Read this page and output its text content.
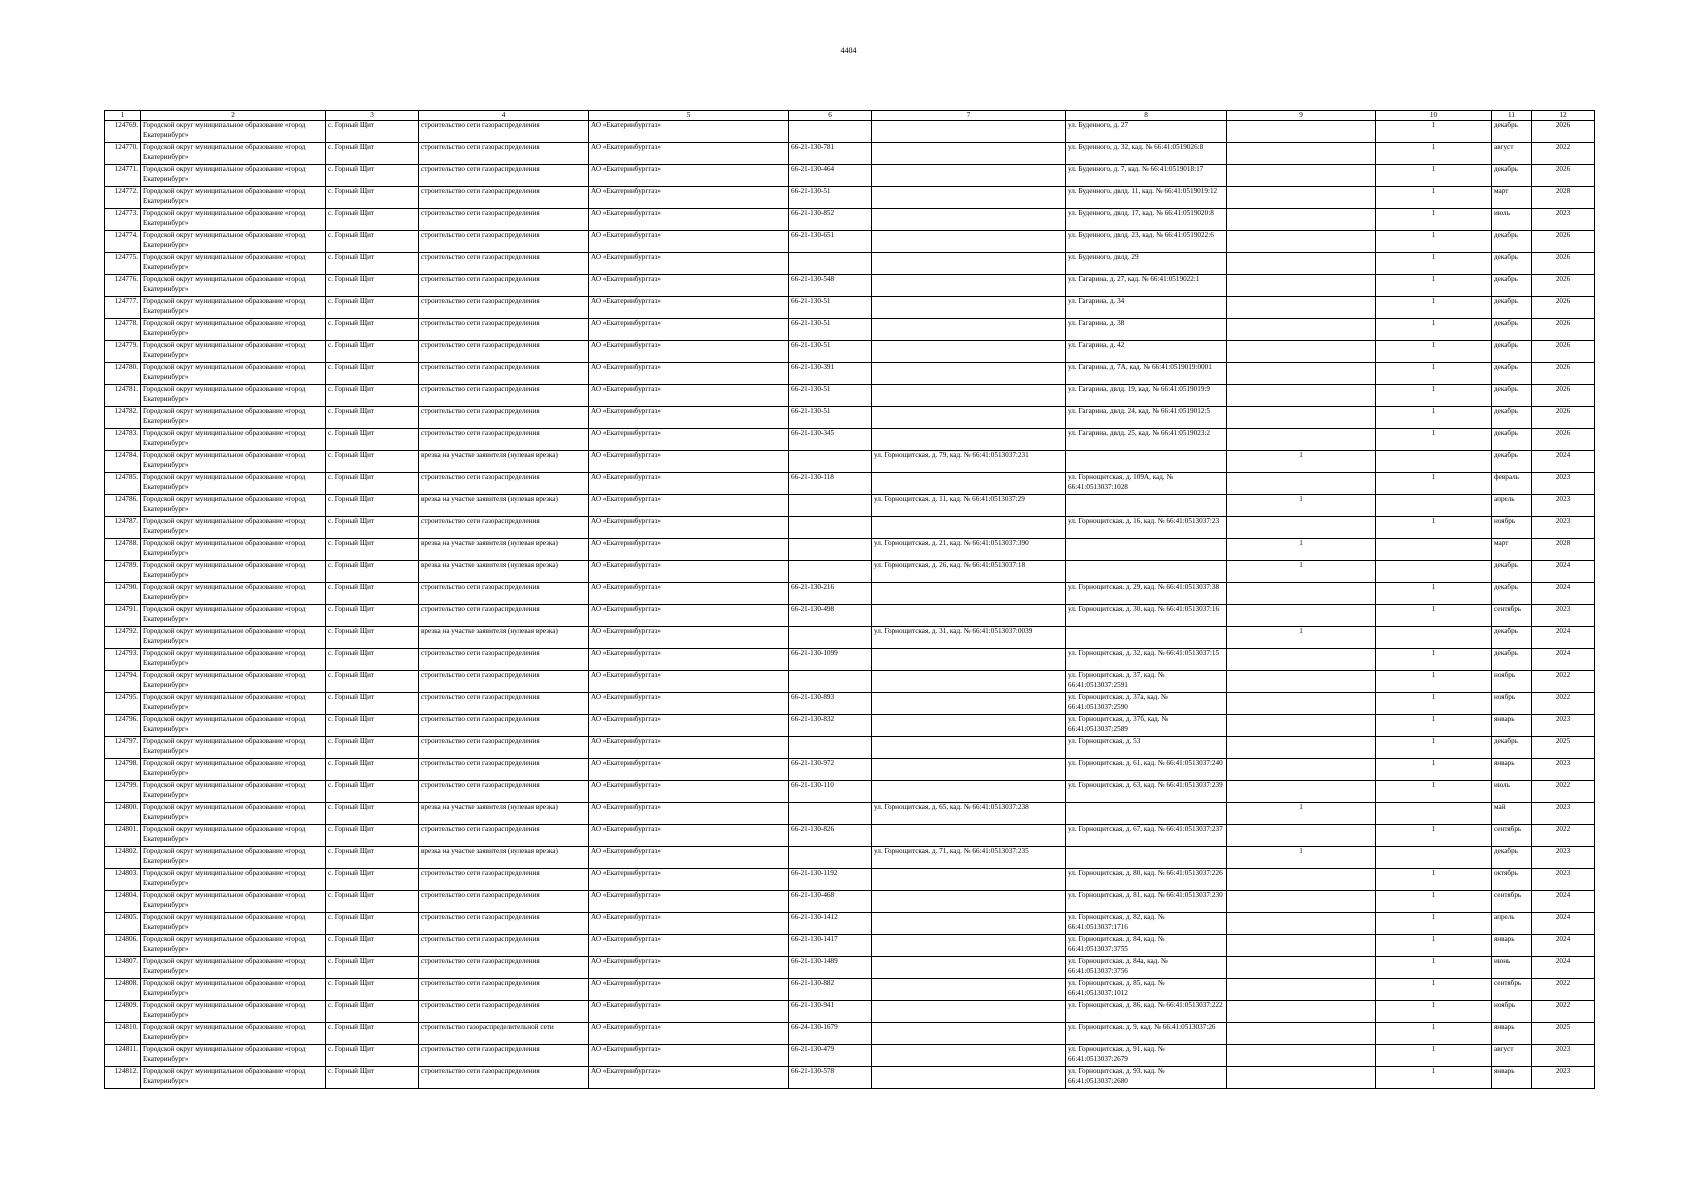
4404
1	2	3	4	5	6	7	8	9	10	11	12
124769.	Городской округ муниципальное образование «город Екатеринбург»	с. Горный Щит	строительство сети газораспределения	АО «Екатеринбурггаз»			ул. Буденного, д. 27		1	декабрь	2026
124770.	Городской округ муниципальное образование «город Екатеринбург»	с. Горный Щит	строительство сети газораспределения	АО «Екатеринбурггаз»	66-21-130-781		ул. Буденного, д. 32, кад. № 66:41:0519026:8		1	август	2022
124771.	Городской округ муниципальное образование «город Екатеринбург»	с. Горный Щит	строительство сети газораспределения	АО «Екатеринбурггаз»	66-21-130-464		ул. Буденного, д. 7, кад. № 66:41:0519018:17		1	декабрь	2026
124772.	Городской округ муниципальное образование «город Екатеринбург»	с. Горный Щит	строительство сети газораспределения	АО «Екатеринбурггаз»	66-21-130-51		ул. Буденного, двлд. 11, кад. № 66:41:0519019:12		1	март	2028
124773.	Городской округ муниципальное образование «город Екатеринбург»	с. Горный Щит	строительство сети газораспределения	АО «Екатеринбурггаз»	66-21-130-852		ул. Буденного, двлд. 17, кад. № 66:41:0519020:8		1	июль	2023
124774.	Городской округ муниципальное образование «город Екатеринбург»	с. Горный Щит	строительство сети газораспределения	АО «Екатеринбурггаз»	66-21-130-651		ул. Буденного, двлд. 23, кад. № 66:41:0519022:6		1	декабрь	2026
124775.	Городской округ муниципальное образование «город Екатеринбург»	с. Горный Щит	строительство сети газораспределения	АО «Екатеринбурггаз»			ул. Буденного, двлд. 29		1	декабрь	2026
124776.	Городской округ муниципальное образование «город Екатеринбург»	с. Горный Щит	строительство сети газораспределения	АО «Екатеринбурггаз»	66-21-130-548		ул. Гагарина, д. 27, кад. № 66:41:0519022:1		1	декабрь	2026
124777.	Городской округ муниципальное образование «город Екатеринбург»	с. Горный Щит	строительство сети газораспределения	АО «Екатеринбурггаз»	66-21-130-51		ул. Гагарина, д. 34		1	декабрь	2026
124778.	Городской округ муниципальное образование «город Екатеринбург»	с. Горный Щит	строительство сети газораспределения	АО «Екатеринбурггаз»	66-21-130-51		ул. Гагарина, д. 38		1	декабрь	2026
124779.	Городской округ муниципальное образование «город Екатеринбург»	с. Горный Щит	строительство сети газораспределения	АО «Екатеринбурггаз»	66-21-130-51		ул. Гагарина, д. 42		1	декабрь	2026
124780.	Городской округ муниципальное образование «город Екатеринбург»	с. Горный Щит	строительство сети газораспределения	АО «Екатеринбурггаз»	66-21-130-391		ул. Гагарина, д. 7А, кад. № 66:41:0519019:0001		1	декабрь	2026
124781.	Городской округ муниципальное образование «город Екатеринбург»	с. Горный Щит	строительство сети газораспределения	АО «Екатеринбурггаз»	66-21-130-51		ул. Гагарина, двлд. 19, кад. № 66:41:0519019:9		1	декабрь	2026
124782.	Городской округ муниципальное образование «город Екатеринбург»	с. Горный Щит	строительство сети газораспределения	АО «Екатеринбурггаз»	66-21-130-51		ул. Гагарина, двлд. 24, кад. № 66:41:0519012:5		1	декабрь	2026
124783.	Городской округ муниципальное образование «город Екатеринбург»	с. Горный Щит	строительство сети газораспределения	АО «Екатеринбурггаз»	66-21-130-345		ул. Гагарина, двлд. 25, кад. № 66:41:0519023:2		1	декабрь	2026
124784.	Городской округ муниципальное образование «город Екатеринбург»	с. Горный Щит	врезка на участке заявителя (нулевая врезка)	АО «Екатеринбурггаз»		ул. Горнощитская, д. 79, кад. № 66:41:0513037:231		1		декабрь	2024
124785.	Городской округ муниципальное образование «город Екатеринбург»	с. Горный Щит	строительство сети газораспределения	АО «Екатеринбурггаз»	66-21-130-118		ул. Горнощитская, д. 109А, кад. № 66:41:0513037:1028		1	февраль	2023
124786.	Городской округ муниципальное образование «город Екатеринбург»	с. Горный Щит	врезка на участке заявителя (нулевая врезка)	АО «Екатеринбурггаз»		ул. Горнощитская, д. 11, кад. № 66:41:0513037:29		1		апрель	2023
124787.	Городской округ муниципальное образование «город Екатеринбург»	с. Горный Щит	строительство сети газораспределения	АО «Екатеринбурггаз»			ул. Горнощитская, д. 16, кад. № 66:41:0513037:23		1	ноябрь	2023
124788.	Городской округ муниципальное образование «город Екатеринбург»	с. Горный Щит	врезка на участке заявителя (нулевая врезка)	АО «Екатеринбурггаз»		ул. Горнощитская, д. 21, кад. № 66:41:0513037:390		1		март	2028
124789.	Городской округ муниципальное образование «город Екатеринбург»	с. Горный Щит	врезка на участке заявителя (нулевая врезка)	АО «Екатеринбурггаз»		ул. Горнощитская, д. 26, кад. № 66:41:0513037:18		1		декабрь	2024
124790.	Городской округ муниципальное образование «город Екатеринбург»	с. Горный Щит	строительство сети газораспределения	АО «Екатеринбурггаз»	66-21-130-216		ул. Горнощитская, д. 29, кад. № 66:41:0513037:38		1	декабрь	2024
124791.	Городской округ муниципальное образование «город Екатеринбург»	с. Горный Щит	строительство сети газораспределения	АО «Екатеринбурггаз»	66-21-130-498		ул. Горнощитская, д. 30, кад. № 66:41:0513037:16		1	сентябрь	2023
124792.	Городской округ муниципальное образование «город Екатеринбург»	с. Горный Щит	врезка на участке заявителя (нулевая врезка)	АО «Екатеринбурггаз»		ул. Горнощитская, д. 31, кад. № 66:41:0513037:0039		1		декабрь	2024
124793.	Городской округ муниципальное образование «город Екатеринбург»	с. Горный Щит	строительство сети газораспределения	АО «Екатеринбурггаз»	66-21-130-1099		ул. Горнощитская, д. 32, кад. № 66:41:0513037:15		1	декабрь	2024
124794.	Городской округ муниципальное образование «город Екатеринбург»	с. Горный Щит	строительство сети газораспределения	АО «Екатеринбурггаз»			ул. Горнощитская, д. 37, кад. № 66:41:0513037:2591		1	ноябрь	2022
124795.	Городской округ муниципальное образование «город Екатеринбург»	с. Горный Щит	строительство сети газораспределения	АО «Екатеринбурггаз»	66-21-130-893		ул. Горнощитская, д. 37а, кад. № 66:41:0513037:2590		1	ноябрь	2022
124796.	Городской округ муниципальное образование «город Екатеринбург»	с. Горный Щит	строительство сети газораспределения	АО «Екатеринбурггаз»	66-21-130-832		ул. Горнощитская, д. 37б, кад. № 66:41:0513037:2589		1	январь	2023
124797.	Городской округ муниципальное образование «город Екатеринбург»	с. Горный Щит	строительство сети газораспределения	АО «Екатеринбурггаз»			ул. Горнощитская, д. 53		1	декабрь	2025
124798.	Городской округ муниципальное образование «город Екатеринбург»	с. Горный Щит	строительство сети газораспределения	АО «Екатеринбурггаз»	66-21-130-972		ул. Горнощитская, д. 61, кад. № 66:41:0513037:240		1	январь	2023
124799.	Городской округ муниципальное образование «город Екатеринбург»	с. Горный Щит	строительство сети газораспределения	АО «Екатеринбурггаз»	66-21-130-110		ул. Горнощитская, д. 63, кад. № 66:41:0513037:239		1	июль	2022
124800.	Городской округ муниципальное образование «город Екатеринбург»	с. Горный Щит	врезка на участке заявителя (нулевая врезка)	АО «Екатеринбурггаз»		ул. Горнощитская, д. 65, кад. № 66:41:0513037:238		1		май	2023
124801.	Городской округ муниципальное образование «город Екатеринбург»	с. Горный Щит	строительство сети газораспределения	АО «Екатеринбурггаз»	66-21-130-826		ул. Горнощитская, д. 67, кад. № 66:41:0513037:237		1	сентябрь	2022
124802.	Городской округ муниципальное образование «город Екатеринбург»	с. Горный Щит	врезка на участке заявителя (нулевая врезка)	АО «Екатеринбурггаз»		ул. Горнощитская, д. 71, кад. № 66:41:0513037:235		1		декабрь	2023
124803.	Городской округ муниципальное образование «город Екатеринбург»	с. Горный Щит	строительство сети газораспределения	АО «Екатеринбурггаз»	66-21-130-1192		ул. Горнощитская, д. 80, кад. № 66:41:0513037:226		1	октябрь	2023
124804.	Городской округ муниципальное образование «город Екатеринбург»	с. Горный Щит	строительство сети газораспределения	АО «Екатеринбурггаз»	66-21-130-468		ул. Горнощитская, д. 81, кад. № 66:41:0513037:230		1	сентябрь	2024
124805.	Городской округ муниципальное образование «город Екатеринбург»	с. Горный Щит	строительство сети газораспределения	АО «Екатеринбурггаз»	66-21-130-1412		ул. Горнощитская, д. 82, кад. № 66:41:0513037:1716		1	апрель	2024
124806.	Городской округ муниципальное образование «город Екатеринбург»	с. Горный Щит	строительство сети газораспределения	АО «Екатеринбурггаз»	66-21-130-1417		ул. Горнощитская, д. 84, кад. № 66:41:0513037:3755		1	январь	2024
124807.	Городской округ муниципальное образование «город Екатеринбург»	с. Горный Щит	строительство сети газораспределения	АО «Екатеринбурггаз»	66-21-130-1489		ул. Горнощитская, д. 84а, кад. № 66:41:0513037:3756		1	июнь	2024
124808.	Городской округ муниципальное образование «город Екатеринбург»	с. Горный Щит	строительство сети газораспределения	АО «Екатеринбурггаз»	66-21-130-882		ул. Горнощитская, д. 85, кад. № 66:41:0513037:1012		1	сентябрь	2022
124809.	Городской округ муниципальное образование «город Екатеринбург»	с. Горный Щит	строительство сети газораспределения	АО «Екатеринбурггаз»	66-21-130-941		ул. Горнощитская, д. 86, кад. № 66:41:0513037:222		1	ноябрь	2022
124810.	Городской округ муниципальное образование «город Екатеринбург»	с. Горный Щит	строительство газораспределительной сети	АО «Екатеринбурггаз»	66-24-130-1679		ул. Горнощитская, д. 9, кад. № 66:41:0513037:26		1	январь	2025
124811.	Городской округ муниципальное образование «город Екатеринбург»	с. Горный Щит	строительство сети газораспределения	АО «Екатеринбурггаз»	66-21-130-479		ул. Горнощитская, д. 91, кад. № 66:41:0513037:2679		1	август	2023
124812.	Городской округ муниципальное образование «город Екатеринбург»	с. Горный Щит	строительство сети газораспределения	АО «Екатеринбурггаз»	66-21-130-578		ул. Горнощитская, д. 93, кад. № 66:41:0513037:2680		1	январь	2023
